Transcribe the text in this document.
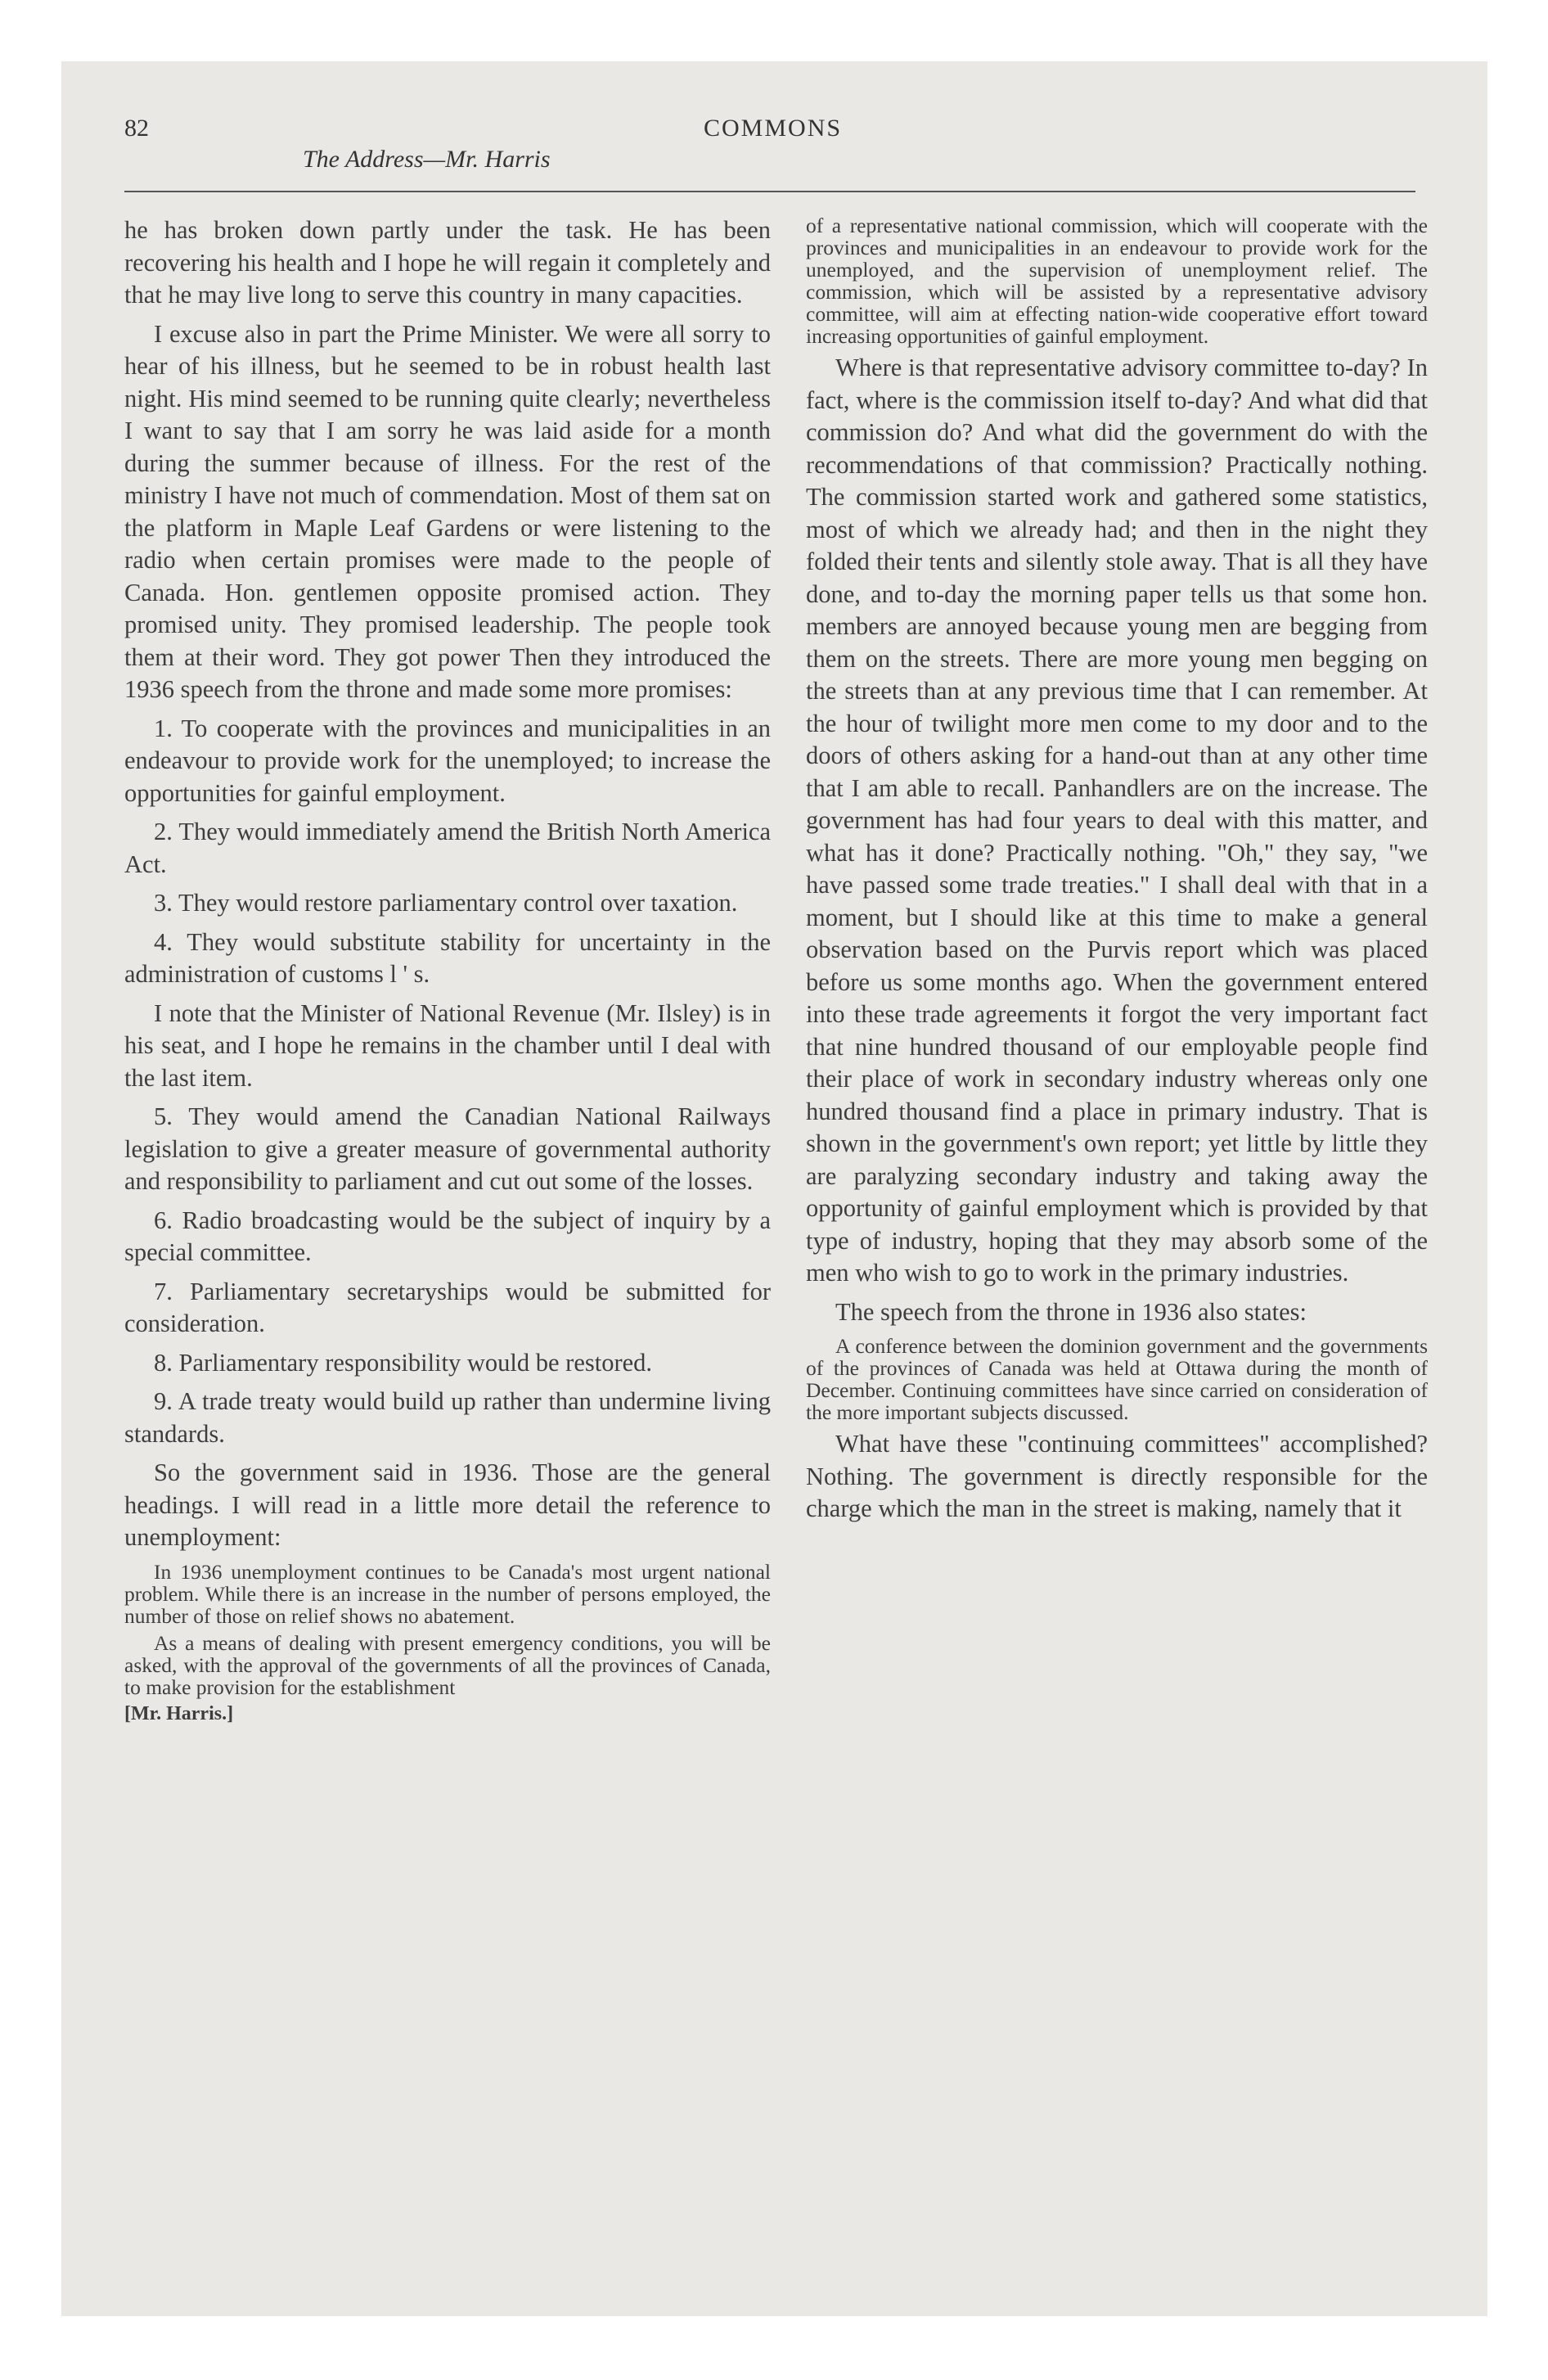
82	COMMONS

The Address—Mr. Harris

he has broken down partly under the task. He has been recovering his health and I hope he will regain it completely and that he may live long to serve this country in many capacities.

I excuse also in part the Prime Minister. We were all sorry to hear of his illness, but he seemed to be in robust health last night. His mind seemed to be running quite clearly; nevertheless I want to say that I am sorry he was laid aside for a month during the summer because of illness. For the rest of the ministry I have not much of commendation. Most of them sat on the platform in Maple Leaf Gardens or were listening to the radio when certain promises were made to the people of Canada. Hon. gentlemen opposite promised action. They promised unity. They promised leadership. The people took them at their word. They got power Then they introduced the 1936 speech from the throne and made some more promises:

1. To cooperate with the provinces and municipalities in an endeavour to provide work for the unemployed; to increase the opportunities for gainful employment.

2. They would immediately amend the British North America Act.

3. They would restore parliamentary control over taxation.

4. They would substitute stability for uncertainty in the administration of customs l ' s.

I note that the Minister of National Revenue (Mr. Ilsley) is in his seat, and I hope he remains in the chamber until I deal with the last item.

5. They would amend the Canadian National Railways legislation to give a greater measure of governmental authority and responsibility to parliament and cut out some of the losses.

6. Radio broadcasting would be the subject of inquiry by a special committee.

7. Parliamentary secretaryships would be submitted for consideration.

8. Parliamentary responsibility would be restored.

9. A trade treaty would build up rather than undermine living standards.

So the government said in 1936. Those are the general headings. I will read in a little more detail the reference to unemployment:

In 1936 unemployment continues to be Canada's most urgent national problem. While there is an increase in the number of persons employed, the number of those on relief shows no abatement.

As a means of dealing with present emergency conditions, you will be asked, with the approval of the governments of all the provinces of Canada, to make provision for the establishment

[Mr. Harris.]

of a representative national commission, which will cooperate with the provinces and municipalities in an endeavour to provide work for the unemployed, and the supervision of unemployment relief. The commission, which will be assisted by a representative advisory committee, will aim at effecting nation-wide cooperative effort toward increasing opportunities of gainful employment.

Where is that representative advisory committee to-day? In fact, where is the commission itself to-day? And what did that commission do? And what did the government do with the recommendations of that commission? Practically nothing. The commission started work and gathered some statistics, most of which we already had; and then in the night they folded their tents and silently stole away. That is all they have done, and to-day the morning paper tells us that some hon. members are annoyed because young men are begging from them on the streets. There are more young men begging on the streets than at any previous time that I can remember. At the hour of twilight more men come to my door and to the doors of others asking for a hand-out than at any other time that I am able to recall. Panhandlers are on the increase. The government has had four years to deal with this matter, and what has it done? Practically nothing. "Oh," they say, "we have passed some trade treaties." I shall deal with that in a moment, but I should like at this time to make a general observation based on the Purvis report which was placed before us some months ago. When the government entered into these trade agreements it forgot the very important fact that nine hundred thousand of our employable people find their place of work in secondary industry whereas only one hundred thousand find a place in primary industry. That is shown in the government's own report; yet little by little they are paralyzing secondary industry and taking away the opportunity of gainful employment which is provided by that type of industry, hoping that they may absorb some of the men who wish to go to work in the primary industries.

The speech from the throne in 1936 also states:

A conference between the dominion government and the governments of the provinces of Canada was held at Ottawa during the month of December. Continuing committees have since carried on consideration of the more important subjects discussed.

What have these "continuing committees" accomplished? Nothing. The government is directly responsible for the charge which the man in the street is making, namely that it
